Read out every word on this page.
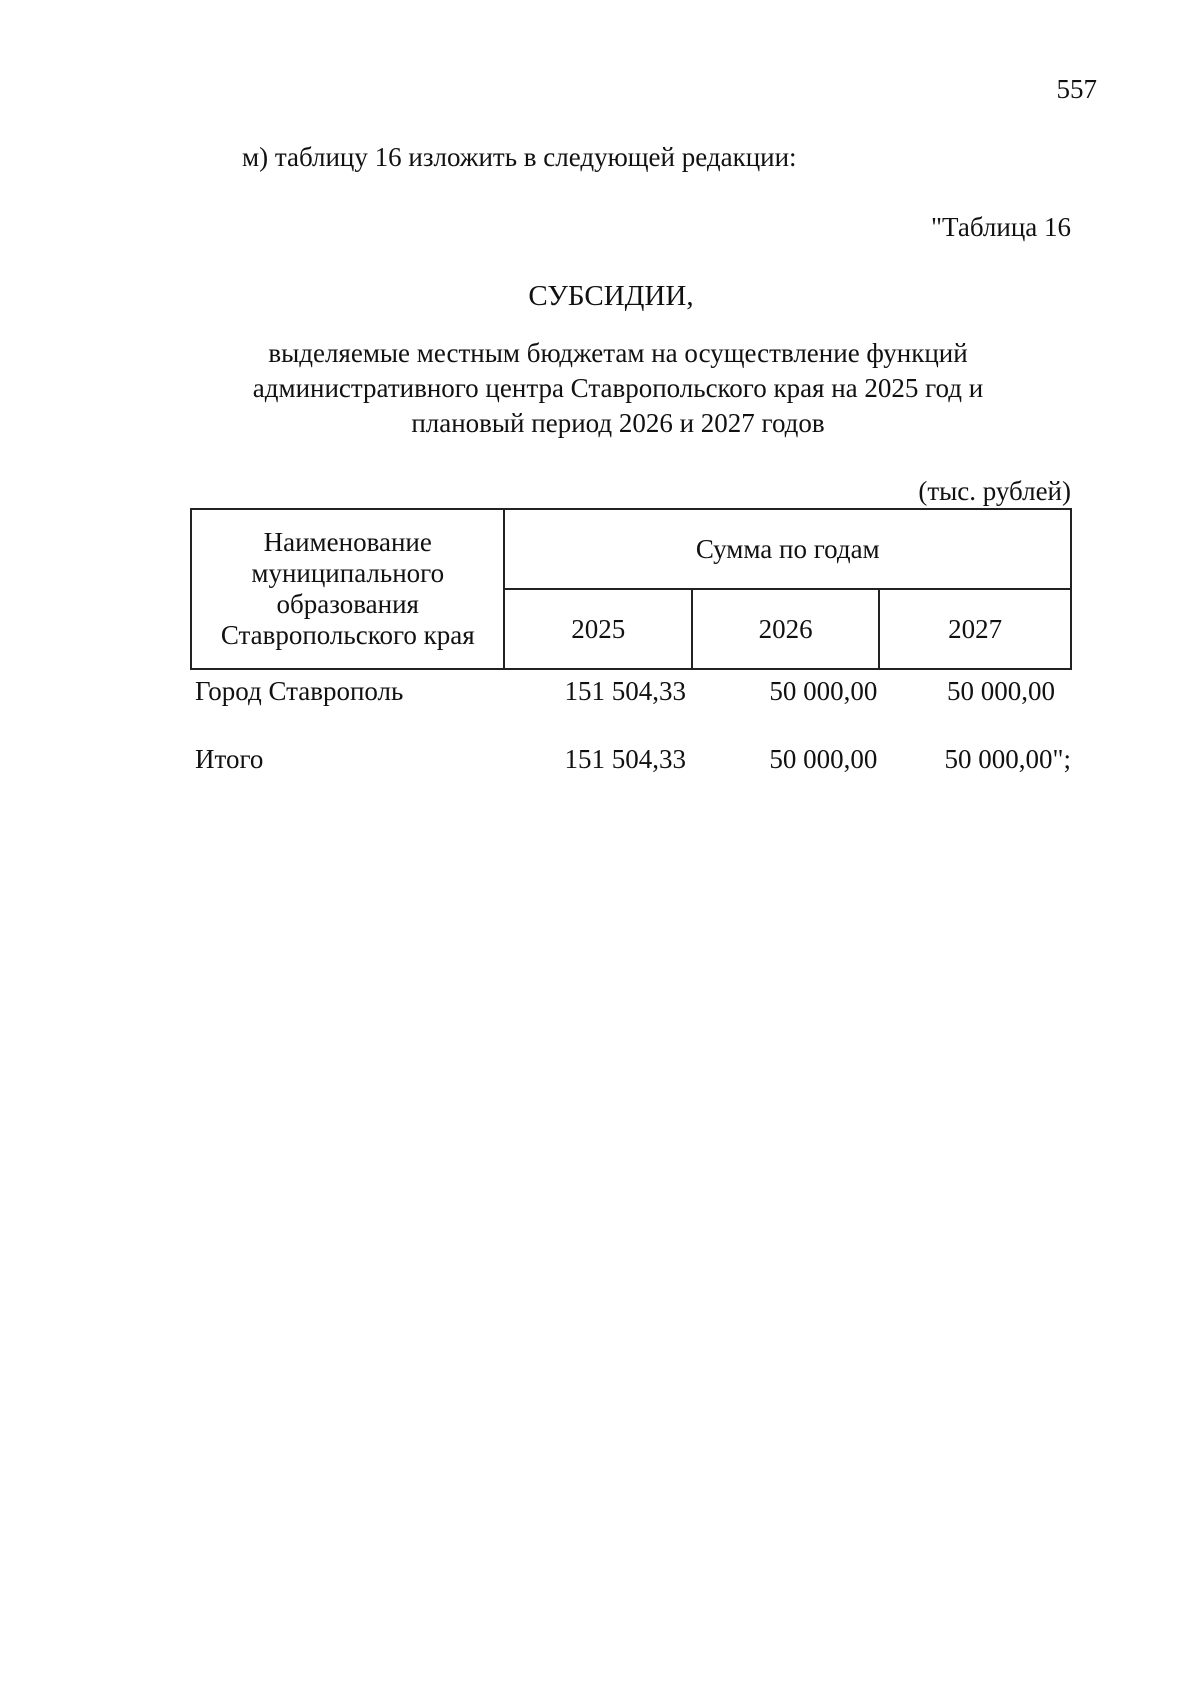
557
м) таблицу 16 изложить в следующей редакции:
"Таблица 16
СУБСИДИИ,
выделяемые местным бюджетам на осуществление функций
административного центра Ставропольского края на 2025 год и
плановый период 2026 и 2027 годов
(тыс. рублей)
Наименование муниципального образования Ставропольского края	Сумма по годам		
	2025	2026	2027
Город Ставрополь	151 504,33	50 000,00	50 000,00
Итого	151 504,33	50 000,00	50 000,00";
